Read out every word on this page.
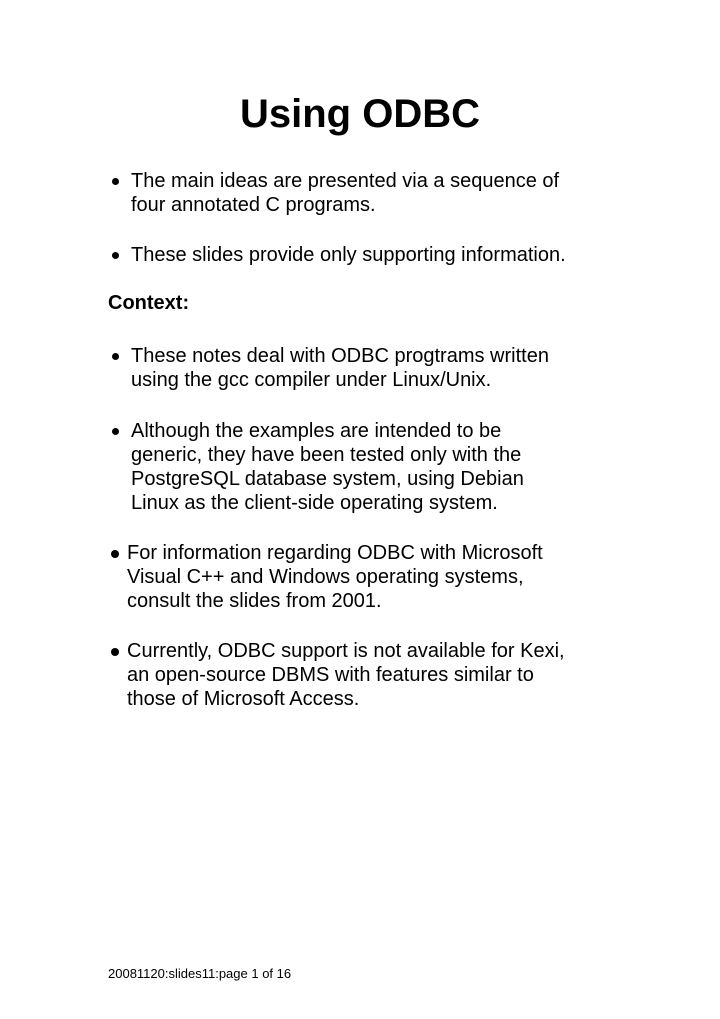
Using ODBC
The main ideas are presented via a sequence of
four annotated C programs.
These slides provide only supporting information.
Context:
These notes deal with ODBC progtrams written
using the gcc compiler under Linux/Unix.
Although the examples are intended to be
generic, they have been tested only with the
PostgreSQL database system, using Debian
Linux as the client-side operating system.
For information regarding ODBC with Microsoft
Visual C++ and Windows operating systems,
consult the slides from 2001.
Currently, ODBC support is not available for Kexi,
an open-source DBMS with features similar to
those of Microsoft Access.
20081120:slides11:page 1 of 16
